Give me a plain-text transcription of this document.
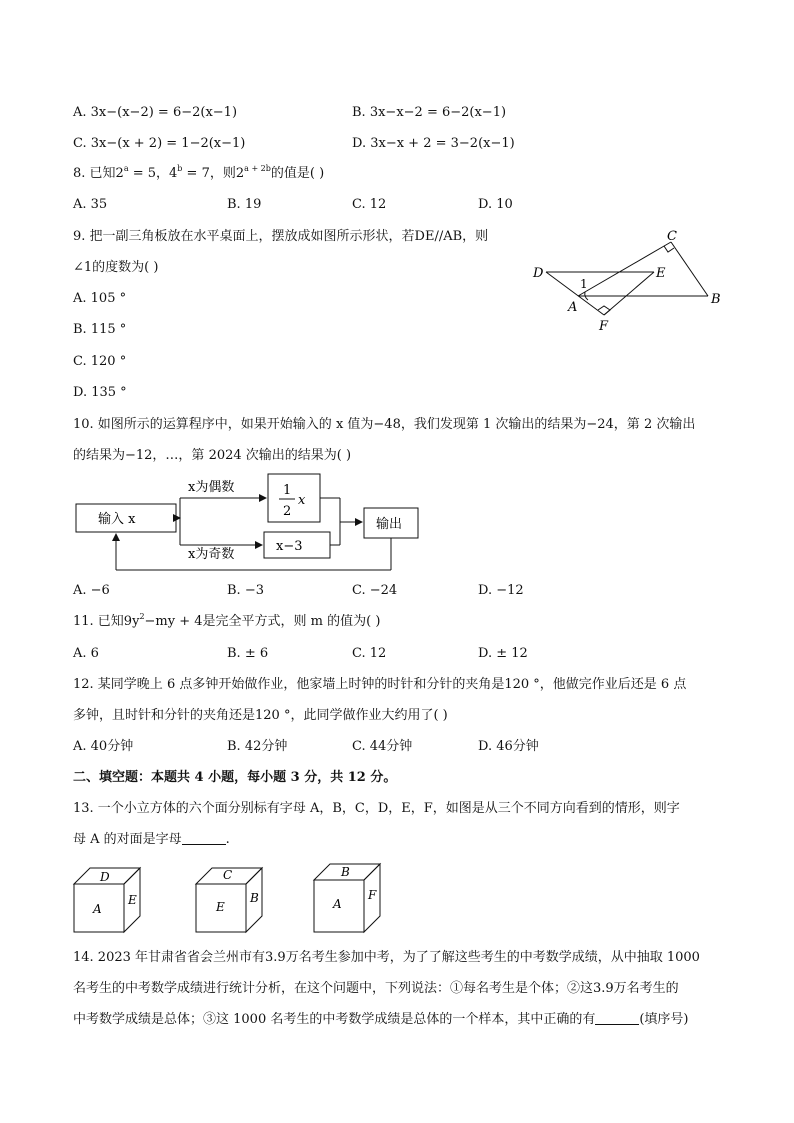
A. 3x−(x−2) = 6−2(x−1)	B. 3x−x−2 = 6−2(x−1)
C. 3x−(x + 2) = 1−2(x−1)	D. 3x−x + 2 = 3−2(x−1)
8. 已知$2^a = 5$，$4^b = 7$，则$2^{a + 2b}$的值是( )
A. 35	B. 19	C. 12	D. 10
9. 把一副三角板放在水平桌面上，摆放成如图所示形状，若DE//AB，则
∠1的度数为( )
A. 105 °
B. 115 °
C. 120 °
D. 135 °
D	E
C
A
B
F
1
10. 如图所示的运算程序中，如果开始输入的 x 值为−48，我们发现第 1 次输出的结果为−24，第 2 次输出
的结果为−12，…，第 2024 次输出的结果为( )
输入 x
x为偶数
x为奇数
1
2
x
x−3
输出
A. −6	B. −3	C. −24	D. −12
11. 已知$9y^2-my + 4$是完全平方式，则 m 的值为( )
A. 6	B. ± 6	C. 12	D. ± 12
12. 某同学晚上 6 点多钟开始做作业，他家墙上时钟的时针和分针的夹角是120 °，他做完作业后还是 6 点
多钟，且时针和分针的夹角还是120 °，此同学做作业大约用了( )
A. 40分钟	B. 42分钟	C. 44分钟	D. 46分钟
二、填空题：本题共 4 小题，每小题 3 分，共 12 分。
13. 一个小立方体的六个面分别标有字母 A，B，C，D，E，F，如图是从三个不同方向看到的情形，则字
母 A 的对面是字母	.
D
A
E
C
E
B
B
A
F
14. 2023 年甘肃省省会兰州市有3.9万名考生参加中考，为了了解这些考生的中考数学成绩，从中抽取 1000
名考生的中考数学成绩进行统计分析，在这个问题中，下列说法：①每名考生是个体；②这3.9万名考生的
中考数学成绩是总体；③这 1000 名考生的中考数学成绩是总体的一个样本，其中正确的有	(填序号)
